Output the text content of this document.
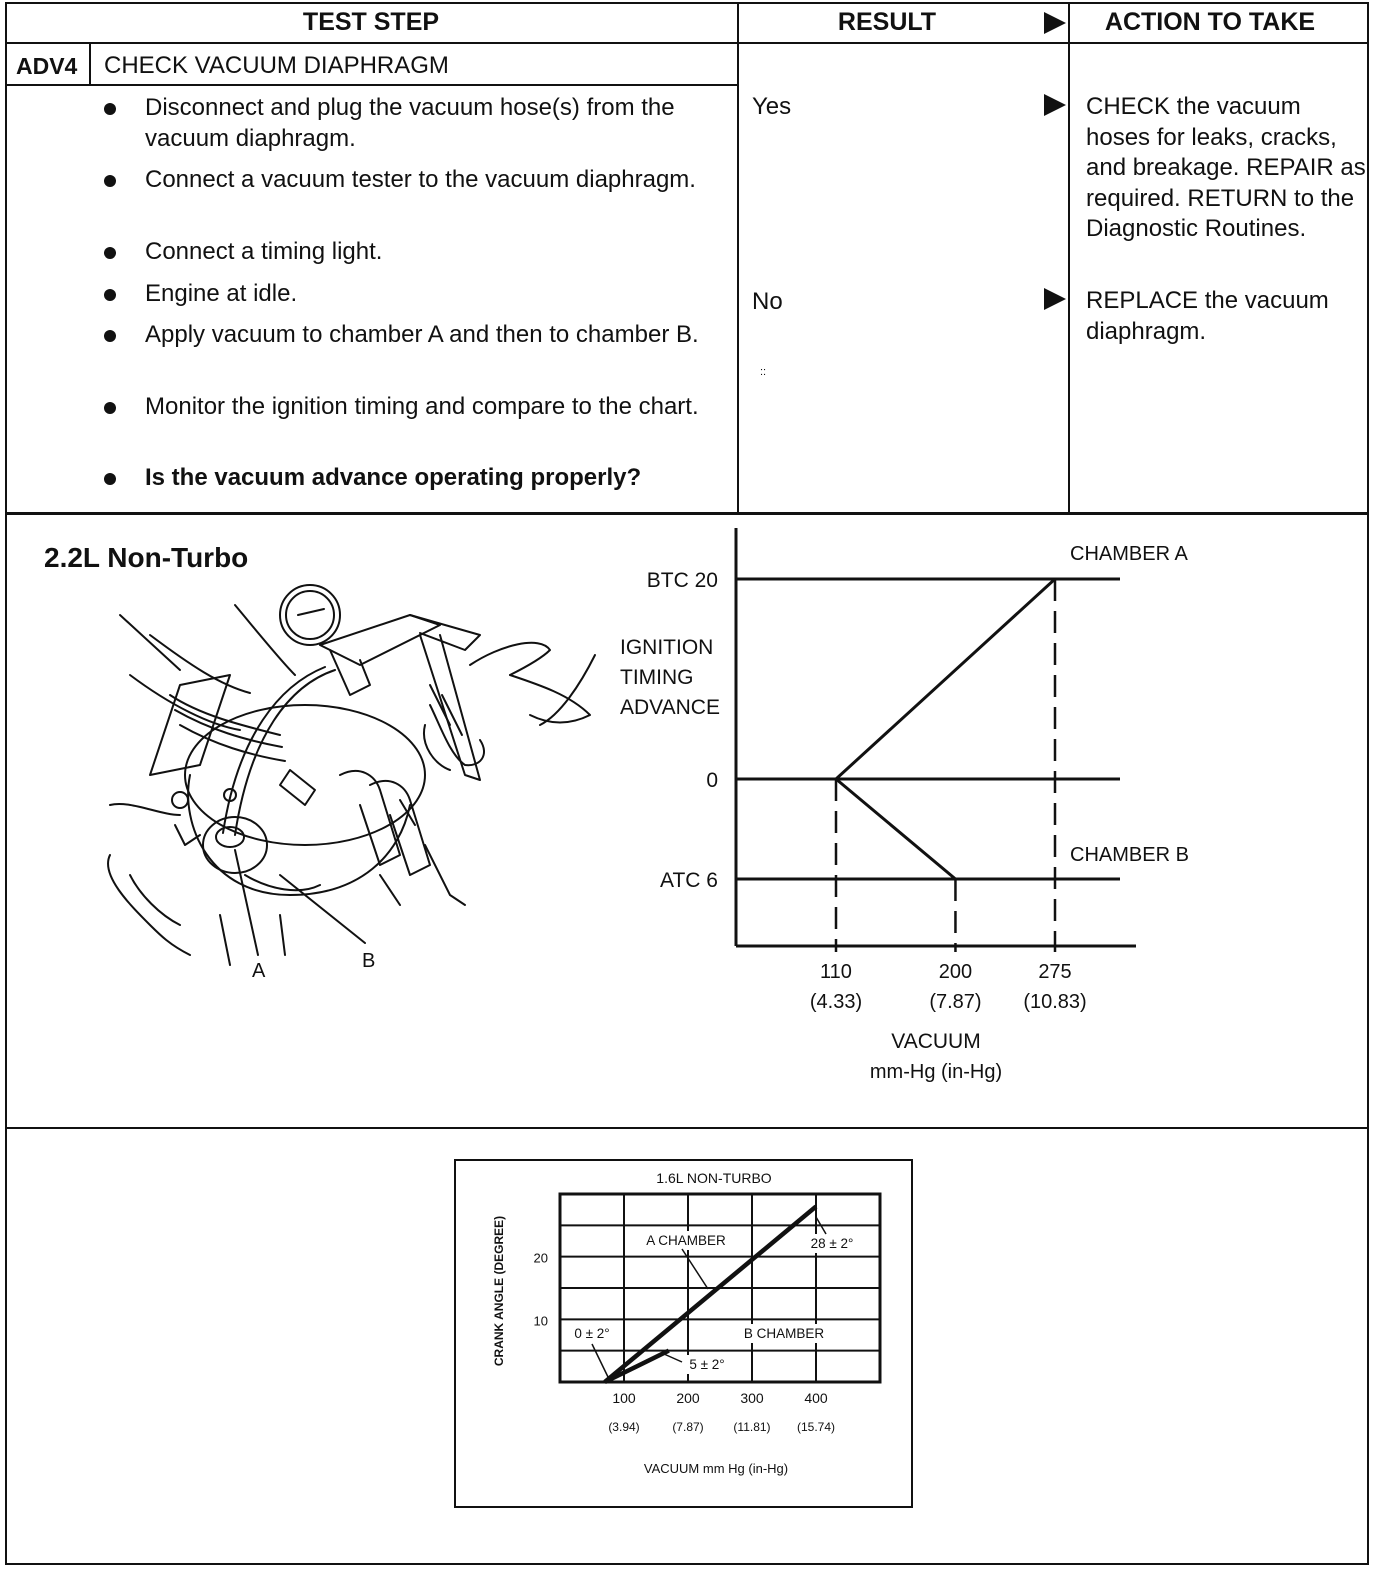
TEST STEP	RESULT	ACTION TO TAKE
ADV4 CHECK VACUUM DIAPHRAGM
Disconnect and plug the vacuum hose(s) from the vacuum diaphragm.
Connect a vacuum tester to the vacuum diaphragm.
Connect a timing light.
Engine at idle.
Apply vacuum to chamber A and then to chamber B.
Monitor the ignition timing and compare to the chart.
Is the vacuum advance operating properly?
Yes	CHECK the vacuum hoses for leaks, cracks, and breakage. REPAIR as required. RETURN to the Diagnostic Routines.
No	REPLACE the vacuum diaphragm.
::
2.2L Non-Turbo
A	B
BTC 20
0
ATC 6
IGNITION
TIMING
ADVANCE
CHAMBER A
CHAMBER B
110
(4.33)
200
(7.87)
275
(10.83)
VACUUM
mm-Hg (in-Hg)
1.6L NON-TURBO
CRANK ANGLE (DEGREE) 10
20
100
(3.94)
200
(7.87)
300
(11.81)
400
(15.74)
VACUUM mm Hg (in-Hg)
A CHAMBER
B CHAMBER
28 ± 2°
0 ± 2°
5 ± 2°
